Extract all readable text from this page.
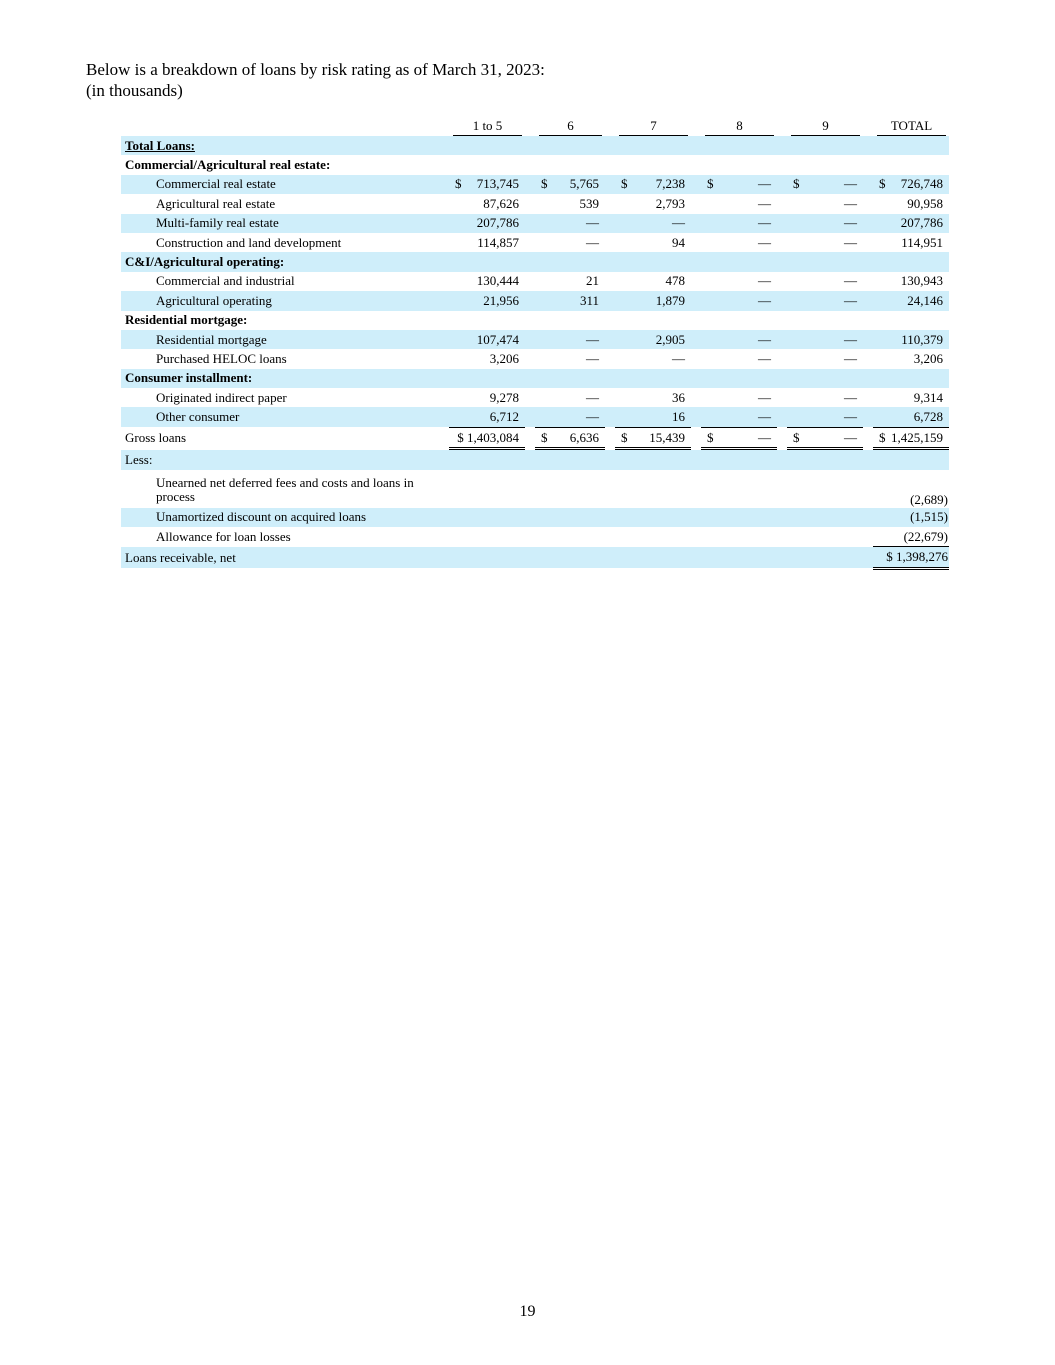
Below is a breakdown of loans by risk rating as of March 31, 2023:
(in thousands)

		1 to 5			6			7			8			9			TOTAL	

Total Loans:																		
Commercial/Agricultural real estate:																		
Commercial real estate		$	713,745		$	5,765		$	7,238		$	—		$	—		$	726,748
Agricultural real estate			87,626			539			2,793			—			—			90,958
Multi-family real estate			207,786			—			—			—			—			207,786
Construction and land development			114,857			—			94			—			—			114,951
C&I/Agricultural operating:																		
Commercial and industrial			130,444			21			478			—			—			130,943
Agricultural operating			21,956			311			1,879			—			—			24,146
Residential mortgage:																		
Residential mortgage			107,474			—			2,905			—			—			110,379
Purchased HELOC loans			3,206			—			—			—			—			3,206
Consumer installment:																		
Originated indirect paper			9,278			—			36			—			—			9,314
Other consumer			6,712			—			16			—			—			6,728
Gross loans		$ 1,403,084			$	6,636		$	15,439		$	—		$	—		$	1,425,159
Less:																		
Unearned net deferred fees and costs and loans in process																		(2,689)
Unamortized discount on acquired loans																		(1,515)
Allowance for loan losses																		(22,679)
Loans receivable, net																	$ 1,398,276	
19
